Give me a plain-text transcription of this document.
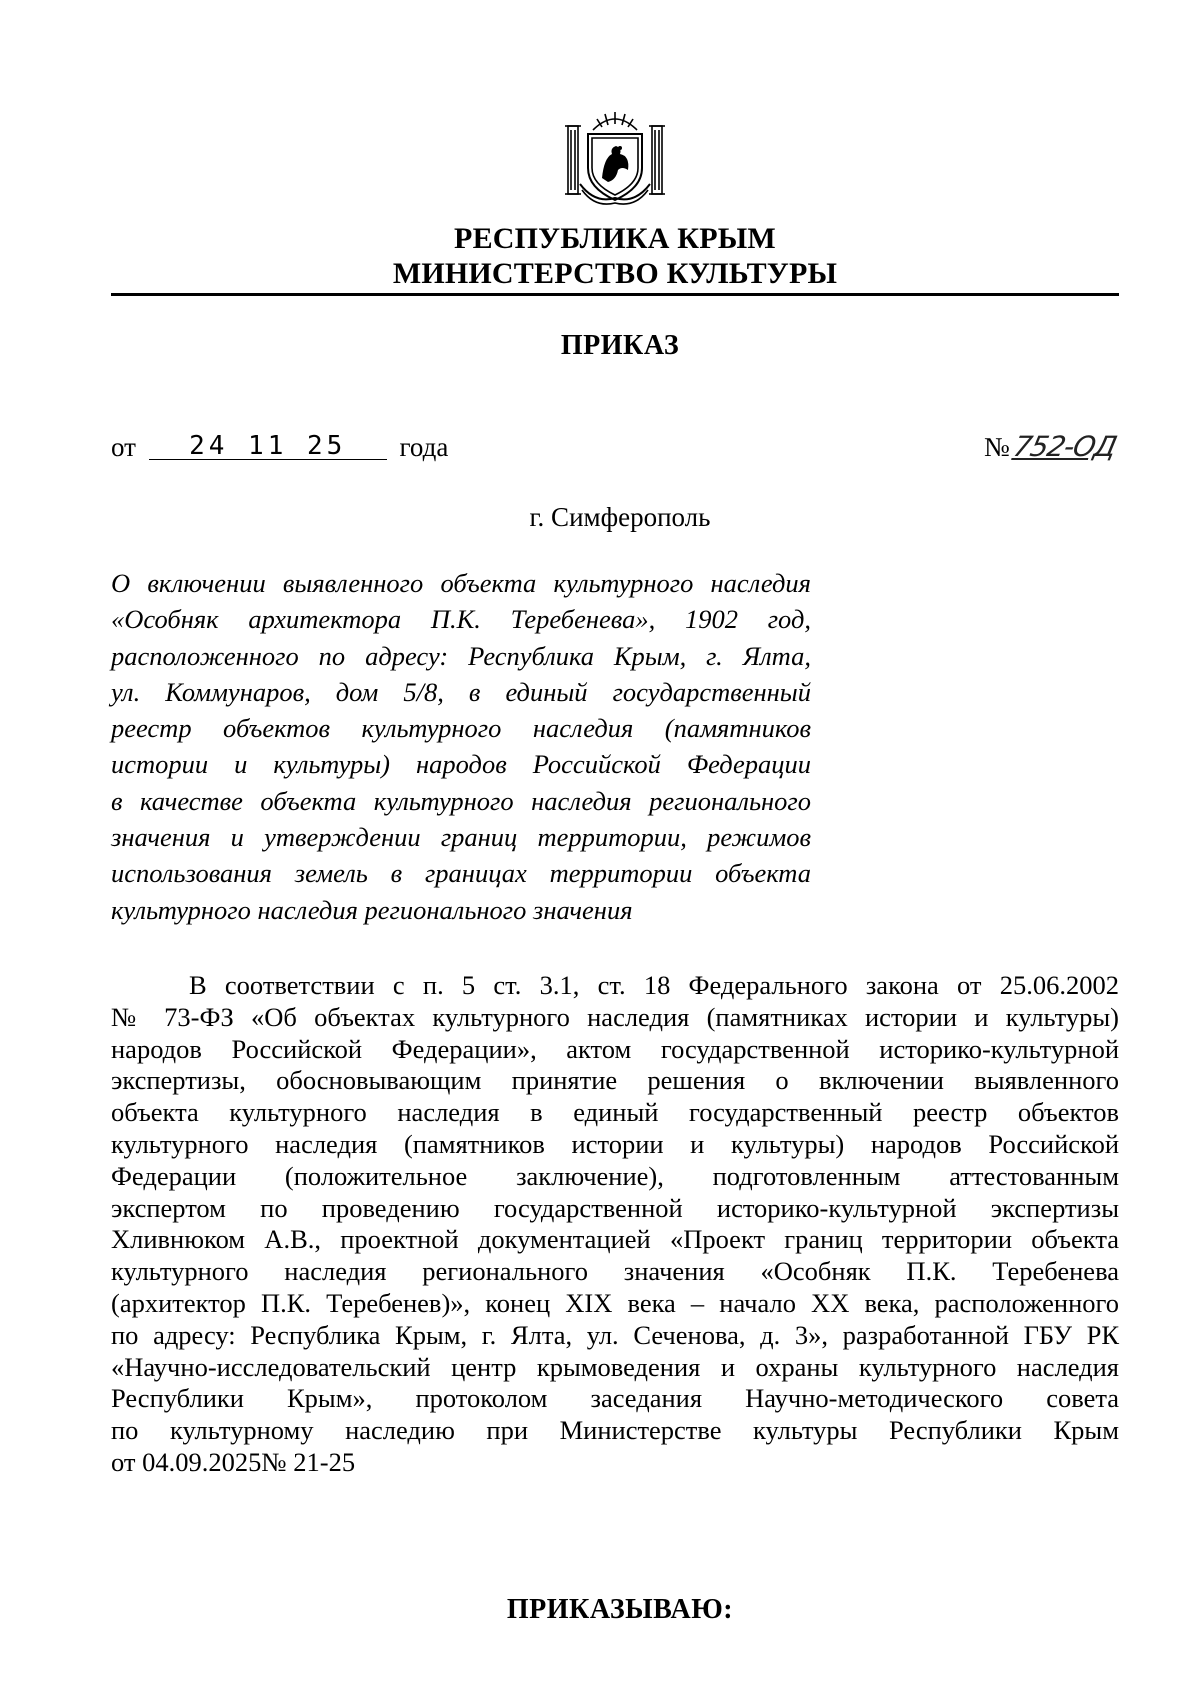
РЕСПУБЛИКА КРЫМ
МИНИСТЕРСТВО КУЛЬТУРЫ
ПРИКАЗ
от 24 11 25 года	№752-ОД
г. Симферополь
О включении выявленного объекта культурного наследия
«Особняк архитектора П.К. Теребенева», 1902 год,
расположенного по адресу: Республика Крым, г. Ялта,
ул. Коммунаров, дом 5/8, в единый государственный
реестр объектов культурного наследия (памятников
истории и культуры) народов Российской Федерации
в качестве объекта культурного наследия регионального
значения и утверждении границ территории, режимов
использования земель в границах территории объекта
культурного наследия регионального значения
В соответствии с п. 5 ст. 3.1, ст. 18 Федерального закона от 25.06.2002
№ 73-ФЗ «Об объектах культурного наследия (памятниках истории и культуры)
народов Российской Федерации», актом государственной историко-культурной
экспертизы, обосновывающим принятие решения о включении выявленного
объекта культурного наследия в единый государственный реестр объектов
культурного наследия (памятников истории и культуры) народов Российской
Федерации (положительное заключение), подготовленным аттестованным
экспертом по проведению государственной историко-культурной экспертизы
Хливнюком А.В., проектной документацией «Проект границ территории объекта
культурного наследия регионального значения «Особняк П.К. Теребенева
(архитектор П.К. Теребенев)», конец XIX века – начало XX века, расположенного
по адресу: Республика Крым, г. Ялта, ул. Сеченова, д. 3», разработанной ГБУ РК
«Научно-исследовательский центр крымоведения и охраны культурного наследия
Республики Крым», протоколом заседания Научно-методического совета
по культурному наследию при Министерстве культуры Республики Крым
от 04.09.2025№ 21-25
ПРИКАЗЫВАЮ:
